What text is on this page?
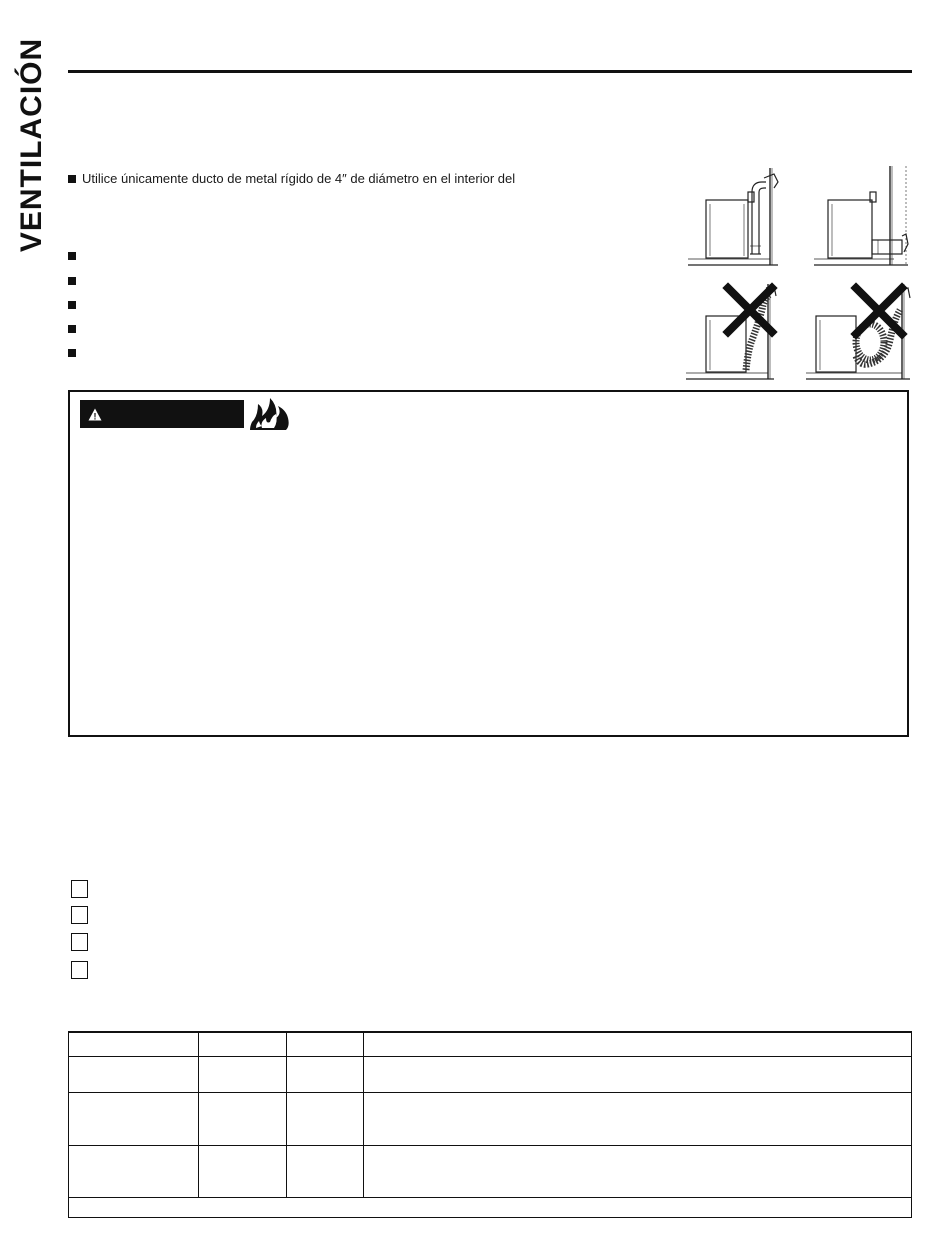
VENTILACIÓN	Utilice únicamente ducto de metal rígido de 4″ de diámetro en el interior del
!
